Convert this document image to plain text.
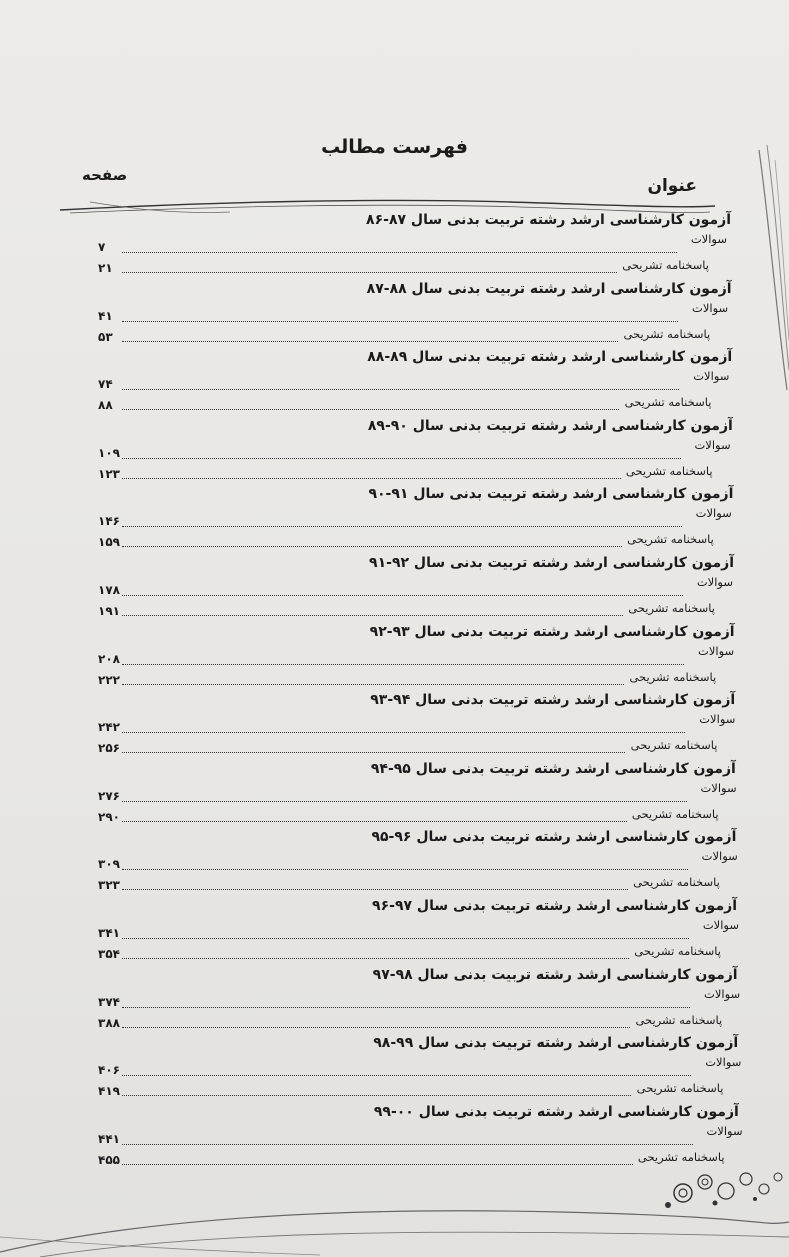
فهرست مطالب
عنوان
صفحه
آزمون کارشناسی ارشد رشته تربیت بدنی سال ۸۷-۸۶
سوالات
۷
پاسخنامه تشریحی
۲۱
آزمون کارشناسی ارشد رشته تربیت بدنی سال ۸۸-۸۷
سوالات
۴۱
پاسخنامه تشریحی
۵۳
آزمون کارشناسی ارشد رشته تربیت بدنی سال ۸۹-۸۸
سوالات
۷۴
پاسخنامه تشریحی
۸۸
آزمون کارشناسی ارشد رشته تربیت بدنی سال ۹۰-۸۹
سوالات
۱۰۹
پاسخنامه تشریحی
۱۲۳
آزمون کارشناسی ارشد رشته تربیت بدنی سال ۹۱-۹۰
سوالات
۱۴۶
پاسخنامه تشریحی
۱۵۹
آزمون کارشناسی ارشد رشته تربیت بدنی سال ۹۲-۹۱
سوالات
۱۷۸
پاسخنامه تشریحی
۱۹۱
آزمون کارشناسی ارشد رشته تربیت بدنی سال ۹۳-۹۲
سوالات
۲۰۸
پاسخنامه تشریحی
۲۲۲
آزمون کارشناسی ارشد رشته تربیت بدنی سال ۹۴-۹۳
سوالات
۲۴۲
پاسخنامه تشریحی
۲۵۶
آزمون کارشناسی ارشد رشته تربیت بدنی سال ۹۵-۹۴
سوالات
۲۷۶
پاسخنامه تشریحی
۲۹۰
آزمون کارشناسی ارشد رشته تربیت بدنی سال ۹۶-۹۵
سوالات
۳۰۹
پاسخنامه تشریحی
۳۲۳
آزمون کارشناسی ارشد رشته تربیت بدنی سال ۹۷-۹۶
سوالات
۳۴۱
پاسخنامه تشریحی
۳۵۴
آزمون کارشناسی ارشد رشته تربیت بدنی سال ۹۸-۹۷
سوالات
۳۷۴
پاسخنامه تشریحی
۳۸۸
آزمون کارشناسی ارشد رشته تربیت بدنی سال ۹۹-۹۸
سوالات
۴۰۶
پاسخنامه تشریحی
۴۱۹
آزمون کارشناسی ارشد رشته تربیت بدنی سال ۰۰-۹۹
سوالات
۴۴۱
پاسخنامه تشریحی
۴۵۵
